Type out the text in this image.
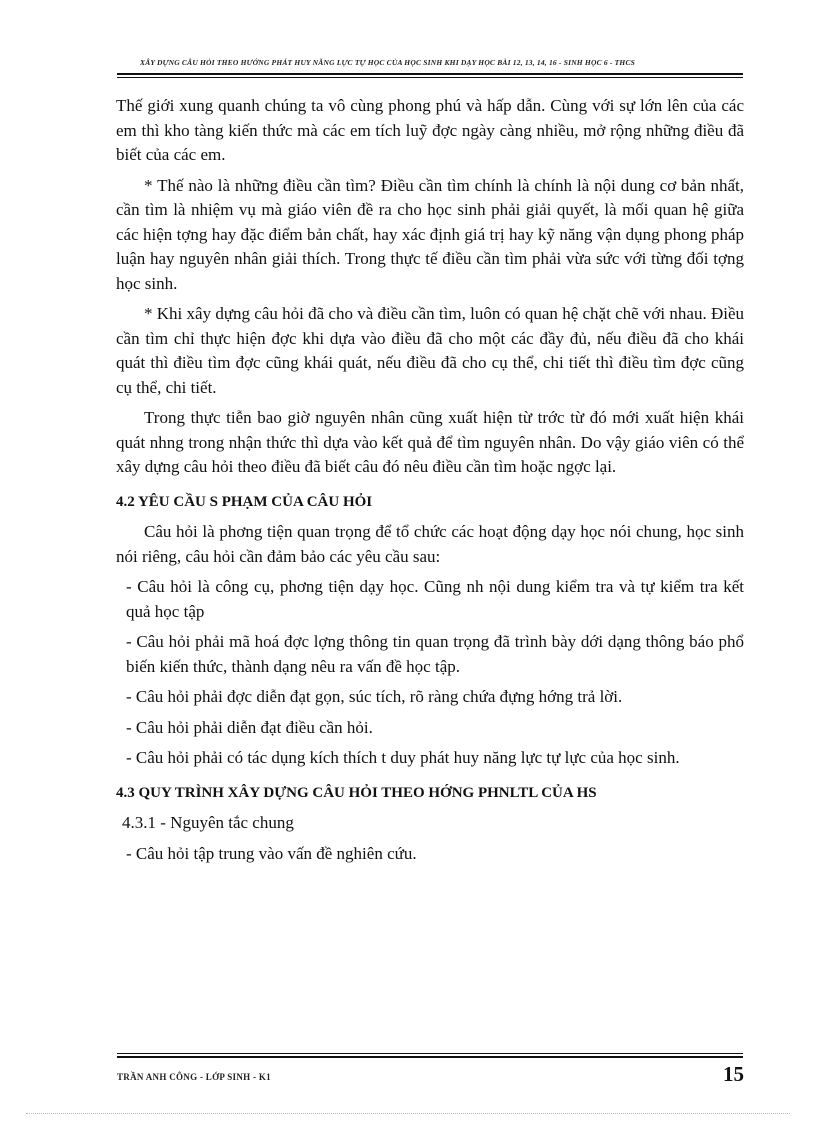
XÂY DỰNG CÂU HỎI THEO HƯỚNG PHÁT HUY NĂNG LỰC TỰ HỌC CỦA HỌC SINH KHI DẠY HỌC BÀI 12, 13, 14, 16 - SINH HỌC 6 - THCS

Thế giới xung quanh chúng ta vô cùng phong phú và hấp dẫn. Cùng với sự lớn lên của các em thì kho tàng kiến thức mà các em tích luỹ đợc ngày càng nhiều, mở rộng những điều đã biết của các em.

* Thế nào là những điều cần tìm? Điều cần tìm chính là chính là nội dung cơ bản nhất, cần tìm là nhiệm vụ mà giáo viên đề ra cho học sinh phải giải quyết, là mối quan hệ giữa các hiện tợng hay đặc điểm bản chất, hay xác định giá trị hay kỹ năng vận dụng phong pháp luận hay nguyên nhân giải thích. Trong thực tế điều cần tìm phải vừa sức với từng đối tợng học sinh.

* Khi xây dựng câu hỏi đã cho và điều cần tìm, luôn có quan hệ chặt chẽ với nhau. Điều cần tìm chỉ thực hiện đợc khi dựa vào điều đã cho một các đầy đủ, nếu điều đã cho khái quát thì điều tìm đợc cũng khái quát, nếu điều đã cho cụ thể, chi tiết thì điều tìm đợc cũng cụ thể, chi tiết.

Trong thực tiễn bao giờ nguyên nhân cũng xuất hiện từ trớc từ đó mới xuất hiện khái quát nhng trong nhận thức thì dựa vào kết quả để tìm nguyên nhân. Do vậy giáo viên có thể xây dựng câu hỏi theo điều đã biết câu đó nêu điều cần tìm hoặc ngợc lại.

4.2 YÊU CẦU S PHẠM CỦA CÂU HỎI

Câu hỏi là phơng tiện quan trọng để tổ chức các hoạt động dạy học nói chung, học sinh nói riêng, câu hỏi cần đảm bảo các yêu cầu sau:

- Câu hỏi là công cụ, phơng tiện dạy học. Cũng nh nội dung kiểm tra và tự kiểm tra kết quả học tập

- Câu hỏi phải mã hoá đợc lợng thông tin quan trọng đã trình bày dới dạng thông báo phổ biến kiến thức, thành dạng nêu ra vấn đề học tập.

- Câu hỏi phải đợc diễn đạt gọn, súc tích, rõ ràng chứa đựng hớng trả lời.

- Câu hỏi phải diễn đạt điều cần hỏi.

- Câu hỏi phải có tác dụng kích thích t duy phát huy năng lực tự lực của học sinh.

4.3 QUY TRÌNH XÂY DỰNG CÂU HỎI THEO HỚNG PHNLTL CỦA HS

4.3.1 - Nguyên tắc chung

- Câu hỏi tập trung vào vấn đề nghiên cứu.

TRẦN ANH CÔNG - LỚP SINH - K1	15
